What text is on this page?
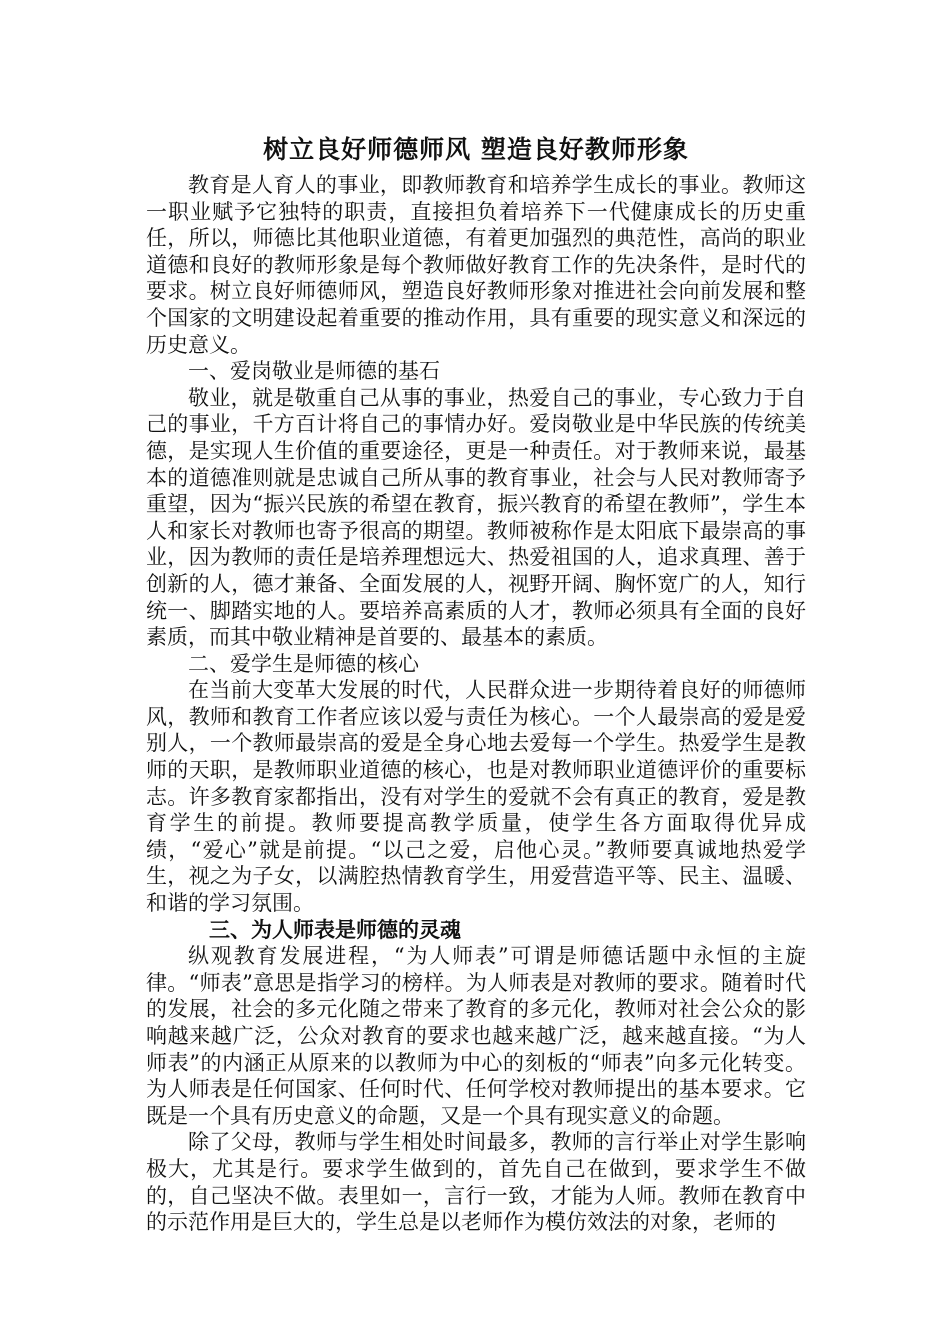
树立良好师德师风 塑造良好教师形象

教育是人育人的事业，即教师教育和培养学生成长的事业。教师这一职业赋予它独特的职责，直接担负着培养下一代健康成长的历史重任，所以，师德比其他职业道德，有着更加强烈的典范性，高尚的职业道德和良好的教师形象是每个教师做好教育工作的先决条件，是时代的要求。树立良好师德师风，塑造良好教师形象对推进社会向前发展和整个国家的文明建设起着重要的推动作用，具有重要的现实意义和深远的历史意义。

一、爱岗敬业是师德的基石

敬业，就是敬重自己从事的事业，热爱自己的事业，专心致力于自己的事业，千方百计将自己的事情办好。爱岗敬业是中华民族的传统美德，是实现人生价值的重要途径，更是一种责任。对于教师来说，最基本的道德准则就是忠诚自己所从事的教育事业，社会与人民对教师寄予重望，因为“振兴民族的希望在教育，振兴教育的希望在教师”，学生本人和家长对教师也寄予很高的期望。教师被称作是太阳底下最崇高的事业，因为教师的责任是培养理想远大、热爱祖国的人，追求真理、善于创新的人，德才兼备、全面发展的人，视野开阔、胸怀宽广的人，知行统一、脚踏实地的人。要培养高素质的人才，教师必须具有全面的良好素质，而其中敬业精神是首要的、最基本的素质。

二、爱学生是师德的核心

在当前大变革大发展的时代，人民群众进一步期待着良好的师德师风，教师和教育工作者应该以爱与责任为核心。一个人最崇高的爱是爱别人，一个教师最崇高的爱是全身心地去爱每一个学生。热爱学生是教师的天职，是教师职业道德的核心，也是对教师职业道德评价的重要标志。许多教育家都指出，没有对学生的爱就不会有真正的教育，爱是教育学生的前提。教师要提高教学质量，使学生各方面取得优异成绩，“爱心”就是前提。“以己之爱，启他心灵。”教师要真诚地热爱学生，视之为子女，以满腔热情教育学生，用爱营造平等、民主、温暖、和谐的学习氛围。

三、为人师表是师德的灵魂

纵观教育发展进程，“为人师表”可谓是师德话题中永恒的主旋律。“师表”意思是指学习的榜样。为人师表是对教师的要求。随着时代的发展，社会的多元化随之带来了教育的多元化，教师对社会公众的影响越来越广泛，公众对教育的要求也越来越广泛，越来越直接。“为人师表”的内涵正从原来的以教师为中心的刻板的“师表”向多元化转变。为人师表是任何国家、任何时代、任何学校对教师提出的基本要求。它既是一个具有历史意义的命题，又是一个具有现实意义的命题。

除了父母，教师与学生相处时间最多，教师的言行举止对学生影响极大，尤其是行。要求学生做到的，首先自己在做到，要求学生不做的，自己坚决不做。表里如一，言行一致，才能为人师。教师在教育中的示范作用是巨大的，学生总是以老师作为模仿效法的对象，老师的
